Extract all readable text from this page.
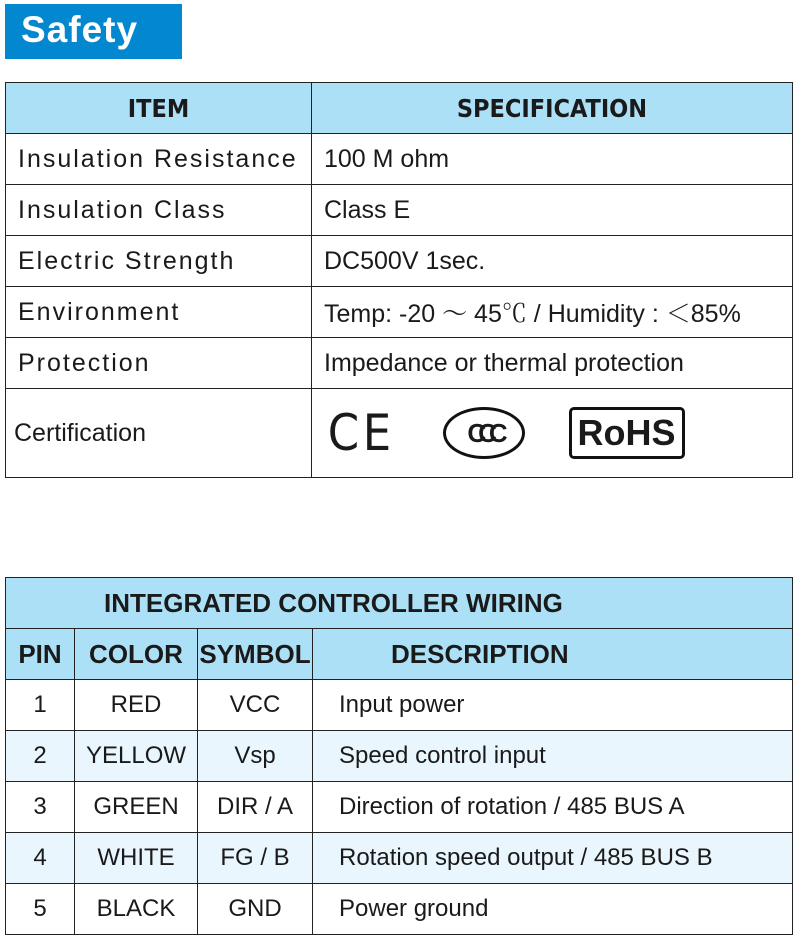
Safety
ITEM	SPECIFICATION
Insulation Resistance	100 M ohm
Insulation Class	Class E
Electric Strength	DC500V 1sec.
Environment	Temp: -20 ～ 45℃ / Humidity : ＜85%
Protection	Impedance or thermal protection
Certification	CE CCC RoHS
INTEGRATED CONTROLLER WIRING			
PIN	COLOR	SYMBOL	DESCRIPTION
1	RED	VCC	Input power
2	YELLOW	Vsp	Speed control input
3	GREEN	DIR / A	Direction of rotation / 485 BUS A
4	WHITE	FG / B	Rotation speed output / 485 BUS B
5	BLACK	GND	Power ground
